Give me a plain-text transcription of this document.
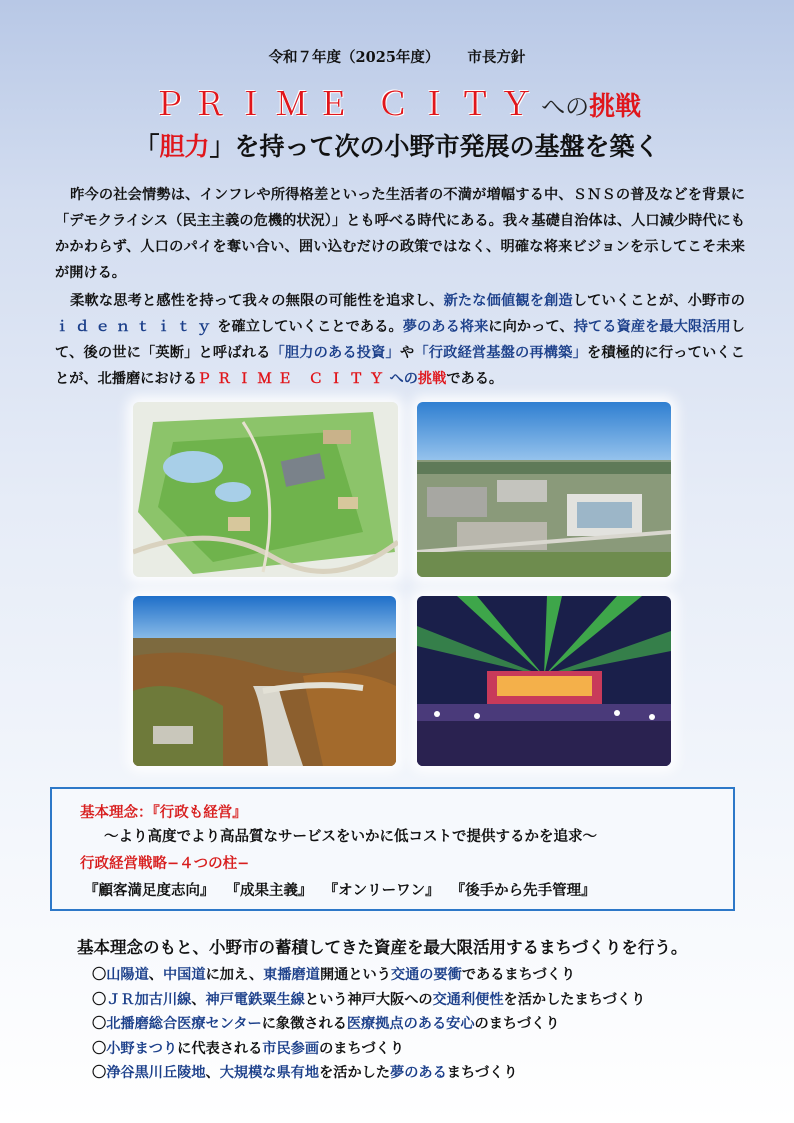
令和７年度（2025年度） 市長方針
ＰＲＩＭＥ ＣＩＴＹへの挑戦
「胆力」を持って次の小野市発展の基盤を築く

昨今の社会情勢は、インフレや所得格差といった生活者の不満が増幅する中、ＳＮＳの普及などを背景に「デモクライシス（民主主義の危機的状況）」とも呼べる時代にある。我々基礎自治体は、人口減少時代にもかかわらず、人口のパイを奪い合い、囲い込むだけの政策ではなく、明確な将来ビジョンを示してこそ未来が開ける。

柔軟な思考と感性を持って我々の無限の可能性を追求し、新たな価値観を創造していくことが、小野市のｉｄｅｎｔｉｔｙを確立していくことである。夢のある将来に向かって、持てる資産を最大限活用して、後の世に「英断」と呼ばれる「胆力のある投資」や「行政経営基盤の再構築」を積極的に行っていくことが、北播磨におけるＰＲＩＭＥ ＣＩＴＹへの挑戦である。

基本理念：『行政も経営』
～より高度でより高品質なサービスをいかに低コストで提供するかを追求～
行政経営戦略−４つの柱−
『顧客満足度志向』 『成果主義』 『オンリーワン』 『後手から先手管理』
基本理念のもと、小野市の蓄積してきた資産を最大限活用するまちづくりを行う。
〇山陽道、中国道に加え、東播磨道開通という交通の要衝であるまちづくり
〇ＪＲ加古川線、神戸電鉄粟生線という神戸大阪への交通利便性を活かしたまちづくり
〇北播磨総合医療センターに象徴される医療拠点のある安心のまちづくり
〇小野まつりに代表される市民参画のまちづくり
〇浄谷黒川丘陵地、大規模な県有地を活かした夢のあるまちづくり
